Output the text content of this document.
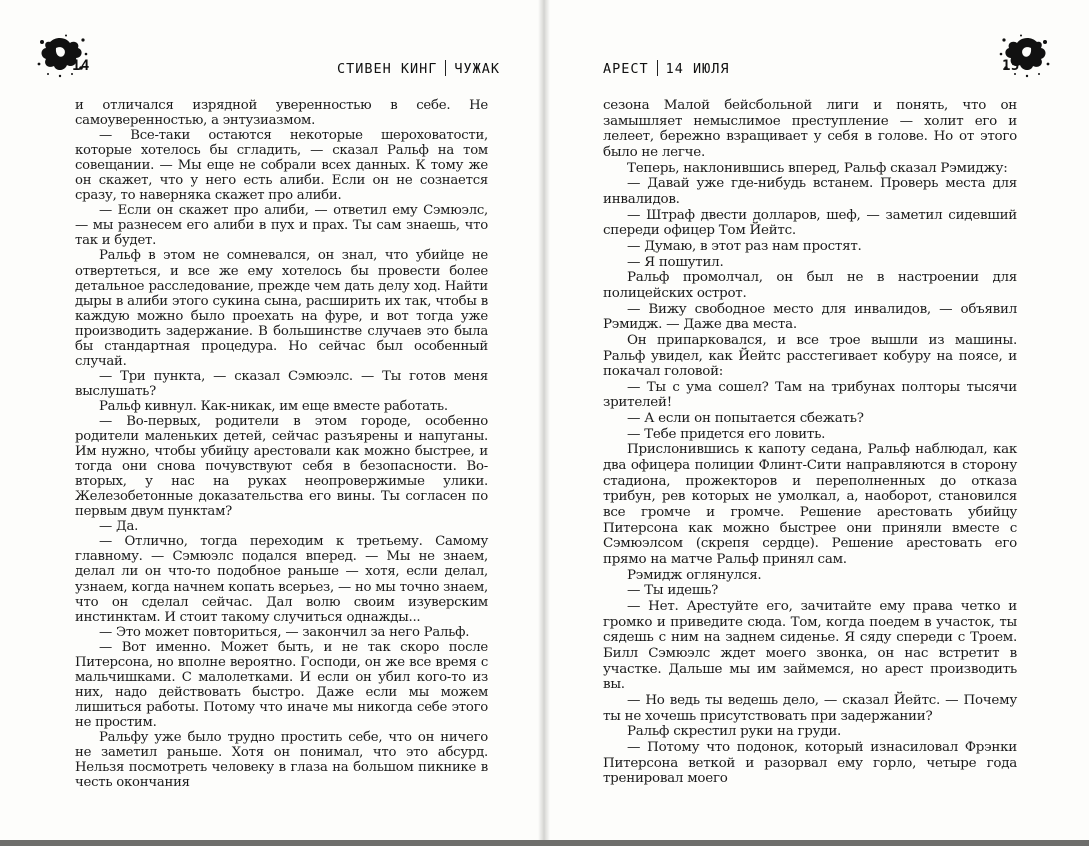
14	СТИВЕН КИНГ ЧУЖАК

и отличался изрядной уверенностью в себе. Не самоуверенностью, а энтузиазмом.

— Все-таки остаются некоторые шероховатости, которые хотелось бы сгладить, — сказал Ральф на том совещании. — Мы еще не собрали всех данных. К тому же он скажет, что у него есть алиби. Если он не сознается сразу, то наверняка скажет про алиби.

— Если он скажет про алиби, — ответил ему Сэмюэлс, — мы разнесем его алиби в пух и прах. Ты сам знаешь, что так и будет.

Ральф в этом не сомневался, он знал, что убийце не отвертеться, и все же ему хотелось бы провести более детальное расследование, прежде чем дать делу ход. Найти дыры в алиби этого сукина сына, расширить их так, чтобы в каждую можно было проехать на фуре, и вот тогда уже производить задержание. В большинстве случаев это была бы стандартная процедура. Но сейчас был особенный случай.

— Три пункта, — сказал Сэмюэлс. — Ты готов меня выслушать?

Ральф кивнул. Как-никак, им еще вместе работать.

— Во-первых, родители в этом городе, особенно родители маленьких детей, сейчас разъярены и напуганы. Им нужно, чтобы убийцу арестовали как можно быстрее, и тогда они снова почувствуют себя в безопасности. Во-вторых, у нас на руках неопровержимые улики. Железобетонные доказательства его вины. Ты согласен по первым двум пунктам?

— Да.

— Отлично, тогда переходим к третьему. Самому главному. — Сэмюэлс подался вперед. — Мы не знаем, делал ли он что-то подобное раньше — хотя, если делал, узнаем, когда начнем копать всерьез, — но мы точно знаем, что он сделал сейчас. Дал волю своим изуверским инстинктам. И стоит такому случиться однажды...

— Это может повториться, — закончил за него Ральф.

— Вот именно. Может быть, и не так скоро после Питерсона, но вполне вероятно. Господи, он же все время с мальчишками. С малолетками. И если он убил кого-то из них, надо действовать быстро. Даже если мы можем лишиться работы. Потому что иначе мы никогда себе этого не простим.

Ральфу уже было трудно простить себе, что он ничего не заметил раньше. Хотя он понимал, что это абсурд. Нельзя посмотреть человеку в глаза на большом пикнике в честь окончания

15
АРЕСТ 14 ИЮЛЯ

сезона Малой бейсбольной лиги и понять, что он замышляет немыслимое преступление — холит его и лелеет, бережно взращивает у себя в голове. Но от этого было не легче.

Теперь, наклонившись вперед, Ральф сказал Рэмиджу:

— Давай уже где-нибудь встанем. Проверь места для инвалидов.

— Штраф двести долларов, шеф, — заметил сидевший спереди офицер Том Йейтс.

— Думаю, в этот раз нам простят.

— Я пошутил.

Ральф промолчал, он был не в настроении для полицейских острот.

— Вижу свободное место для инвалидов, — объявил Рэмидж. — Даже два места.

Он припарковался, и все трое вышли из машины. Ральф увидел, как Йейтс расстегивает кобуру на поясе, и покачал головой:

— Ты с ума сошел? Там на трибунах полторы тысячи зрителей!

— А если он попытается сбежать?

— Тебе придется его ловить.

Прислонившись к капоту седана, Ральф наблюдал, как два офицера полиции Флинт-Сити направляются в сторону стадиона, прожекторов и переполненных до отказа трибун, рев которых не умолкал, а, наоборот, становился все громче и громче. Решение арестовать убийцу Питерсона как можно быстрее они приняли вместе с Сэмюэлсом (скрепя сердце). Решение арестовать его прямо на матче Ральф принял сам.

Рэмидж оглянулся.

— Ты идешь?

— Нет. Арестуйте его, зачитайте ему права четко и громко и приведите сюда. Том, когда поедем в участок, ты сядешь с ним на заднем сиденье. Я сяду спереди с Троем. Билл Сэмюэлс ждет моего звонка, он нас встретит в участке. Дальше мы им займемся, но арест производить вы.

— Но ведь ты ведешь дело, — сказал Йейтс. — Почему ты не хочешь присутствовать при задержании?

Ральф скрестил руки на груди.

— Потому что подонок, который изнасиловал Фрэнки Питерсона веткой и разорвал ему горло, четыре года тренировал моего
